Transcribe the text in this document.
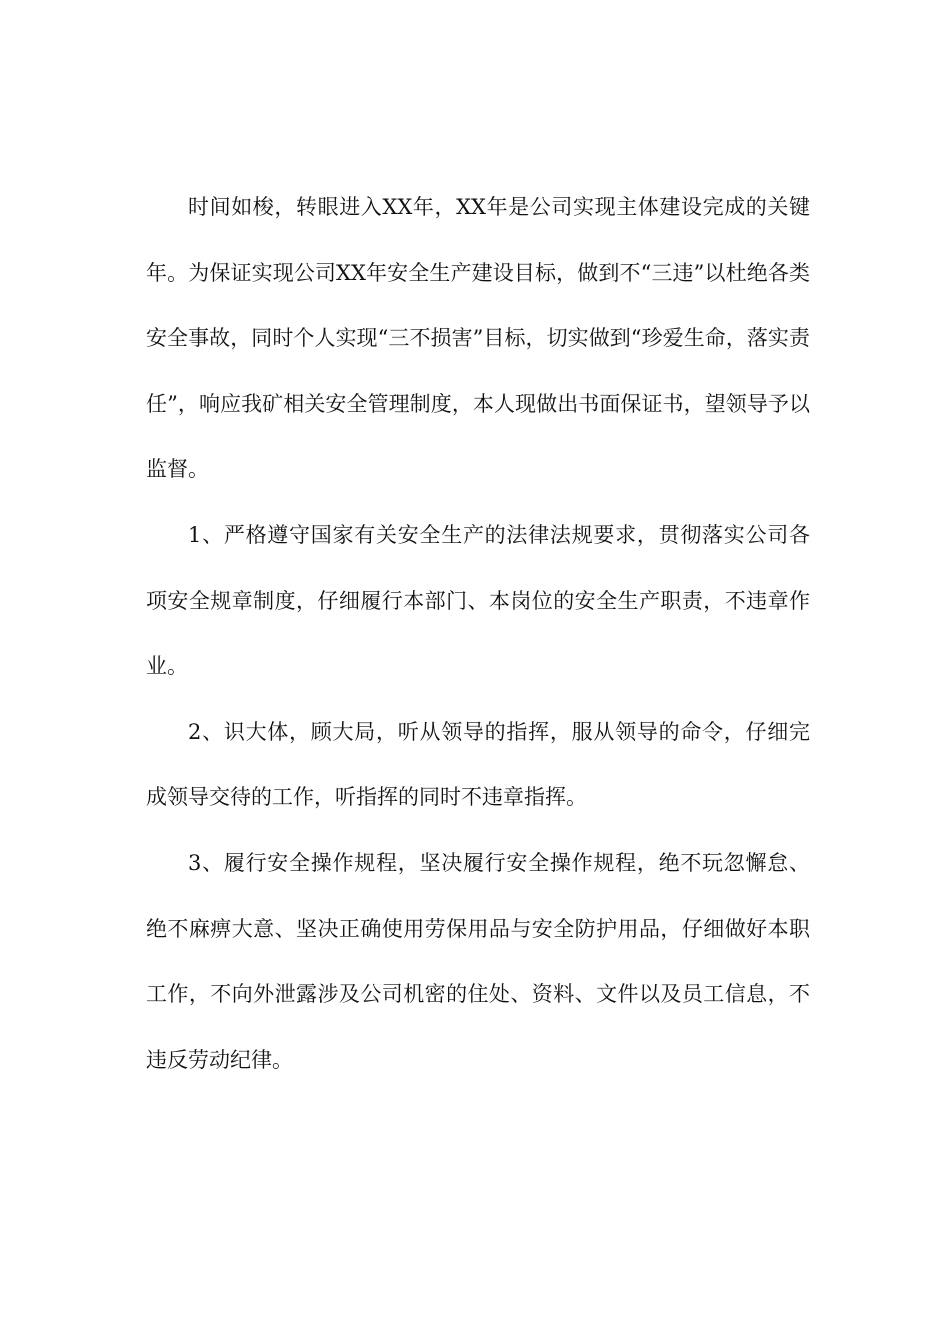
时间如梭，转眼进入XX年，XX年是公司实现主体建设完成的关键年。为保证实现公司XX年安全生产建设目标，做到不“三违”以杜绝各类安全事故，同时个人实现“三不损害”目标，切实做到“珍爱生命，落实责任”，响应我矿相关安全管理制度，本人现做出书面保证书，望领导予以监督。

1、严格遵守国家有关安全生产的法律法规要求，贯彻落实公司各项安全规章制度，仔细履行本部门、本岗位的安全生产职责，不违章作业。

2、识大体，顾大局，听从领导的指挥，服从领导的命令，仔细完成领导交待的工作，听指挥的同时不违章指挥。

3、履行安全操作规程，坚决履行安全操作规程，绝不玩忽懈怠、绝不麻痹大意、坚决正确使用劳保用品与安全防护用品，仔细做好本职工作，不向外泄露涉及公司机密的住处、资料、文件以及员工信息，不违反劳动纪律。
